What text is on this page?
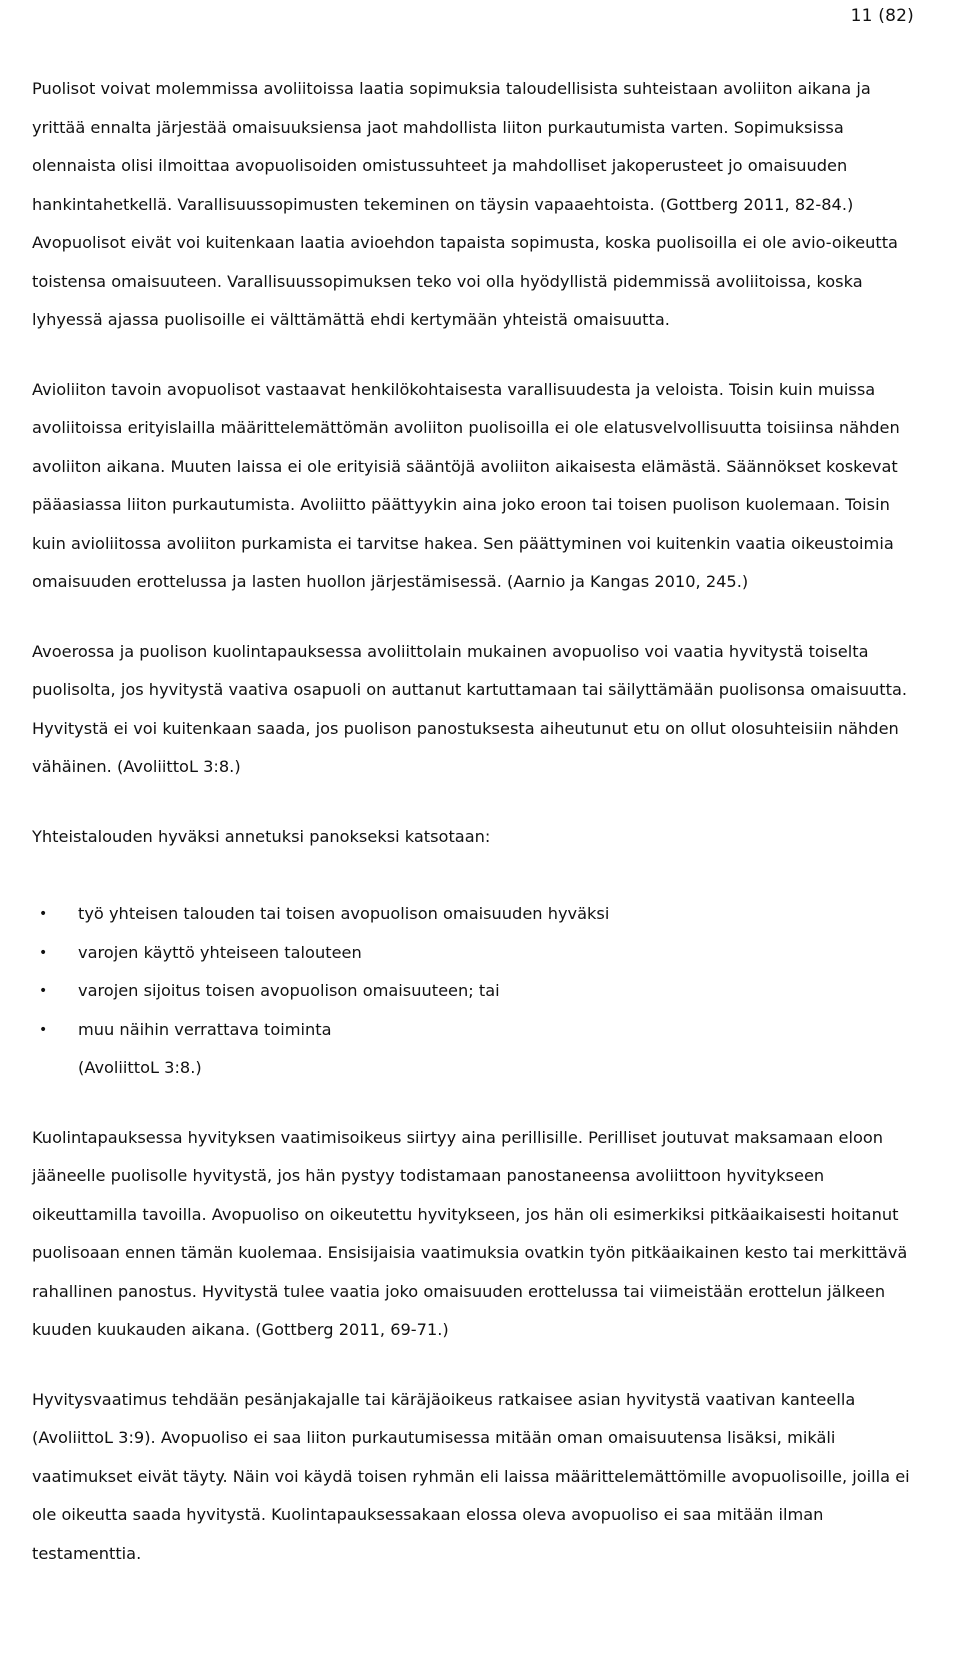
11 (82)

Puolisot voivat molemmissa avoliitoissa laatia sopimuksia taloudellisista suhteistaan avoliiton aikana ja yrittää ennalta järjestää omaisuuksiensa jaot mahdollista liiton purkautumista varten. Sopimuksissa olennaista olisi ilmoittaa avopuolisoiden omistussuhteet ja mahdolliset jakoperusteet jo omaisuuden hankintahetkellä. Varallisuussopimusten tekeminen on täysin vapaaehtoista. (Gottberg 2011, 82-84.) Avopuolisot eivät voi kuitenkaan laatia avioehdon tapaista sopimusta, koska puolisoilla ei ole avio-oikeutta toistensa omaisuuteen. Varallisuussopimuksen teko voi olla hyödyllistä pidemmissä avoliitoissa, koska lyhyessä ajassa puolisoille ei välttämättä ehdi kertymään yhteistä omaisuutta.

Avioliiton tavoin avopuolisot vastaavat henkilökohtaisesta varallisuudesta ja veloista. Toisin kuin muissa avoliitoissa erityislailla määrittelemättömän avoliiton puolisoilla ei ole elatusvelvollisuutta toisiinsa nähden avoliiton aikana. Muuten laissa ei ole erityisiä sääntöjä avoliiton aikaisesta elämästä. Säännökset koskevat pääasiassa liiton purkautumista. Avoliitto päättyykin aina joko eroon tai toisen puolison kuolemaan. Toisin kuin avioliitossa avoliiton purkamista ei tarvitse hakea. Sen päättyminen voi kuitenkin vaatia oikeustoimia omaisuuden erottelussa ja lasten huollon järjestämisessä. (Aarnio ja Kangas 2010, 245.)

Avoerossa ja puolison kuolintapauksessa avoliittolain mukainen avopuoliso voi vaatia hyvitystä toiselta puolisolta, jos hyvitystä vaativa osapuoli on auttanut kartuttamaan tai säilyttämään puolisonsa omaisuutta. Hyvitystä ei voi kuitenkaan saada, jos puolison panostuksesta aiheutunut etu on ollut olosuhteisiin nähden vähäinen. (AvoliittoL 3:8.)

Yhteistalouden hyväksi annetuksi panokseksi katsotaan:

• työ yhteisen talouden tai toisen avopuolison omaisuuden hyväksi
• varojen käyttö yhteiseen talouteen
• varojen sijoitus toisen avopuolison omaisuuteen; tai
• muu näihin verrattava toiminta
(AvoliittoL 3:8.)

Kuolintapauksessa hyvityksen vaatimisoikeus siirtyy aina perillisille. Perilliset joutuvat maksamaan eloon jääneelle puolisolle hyvitystä, jos hän pystyy todistamaan panostaneensa avoliittoon hyvitykseen oikeuttamilla tavoilla. Avopuoliso on oikeutettu hyvitykseen, jos hän oli esimerkiksi pitkäaikaisesti hoitanut puolisoaan ennen tämän kuolemaa. Ensisijaisia vaatimuksia ovatkin työn pitkäaikainen kesto tai merkittävä rahallinen panostus. Hyvitystä tulee vaatia joko omaisuuden erottelussa tai viimeistään erottelun jälkeen kuuden kuukauden aikana. (Gottberg 2011, 69-71.)

Hyvitysvaatimus tehdään pesänjakajalle tai käräjäoikeus ratkaisee asian hyvitystä vaativan kanteella (AvoliittoL 3:9). Avopuoliso ei saa liiton purkautumisessa mitään oman omaisuutensa lisäksi, mikäli vaatimukset eivät täyty. Näin voi käydä toisen ryhmän eli laissa määrittelemättömille avopuolisoille, joilla ei ole oikeutta saada hyvitystä. Kuolintapauksessakaan elossa oleva avopuoliso ei saa mitään ilman testamenttia.
